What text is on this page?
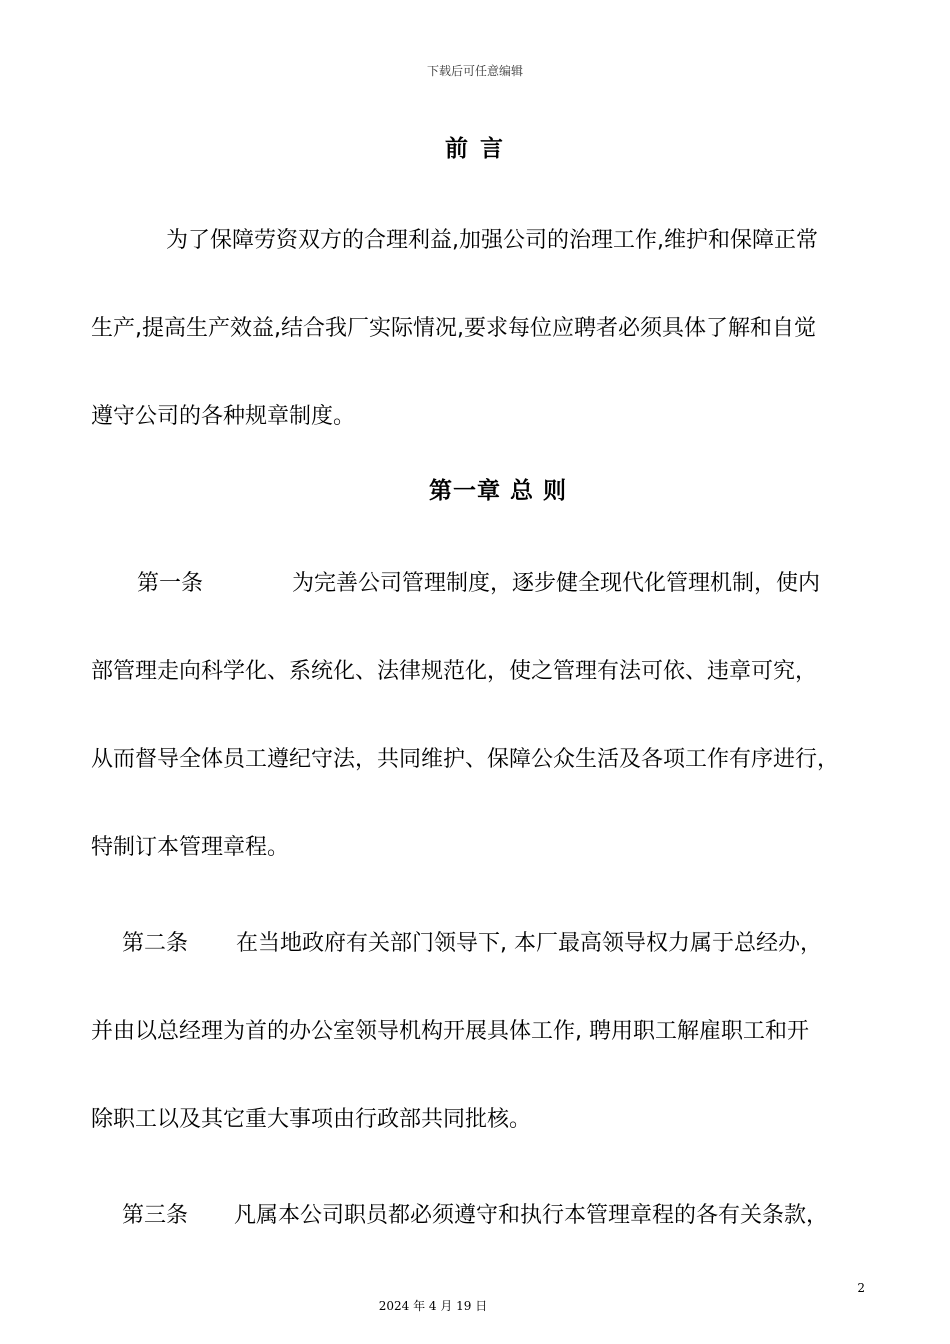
下载后可任意编辑
前 言
为了保障劳资双方的合理利益,加强公司的治理工作,维护和保障正常
生产,提高生产效益,结合我厂实际情况,要求每位应聘者必须具体了解和自觉
遵守公司的各种规章制度。
第一章 总 则
第一条	为完善公司管理制度，逐步健全现代化管理机制，使内
部管理走向科学化、系统化、法律规范化，使之管理有法可依、违章可究，
从而督导全体员工遵纪守法，共同维护、保障公众生活及各项工作有序进行，
特制订本管理章程。
第二条 在当地政府有关部门领导下, 本厂最高领导权力属于总经办，
并由以总经理为首的办公室领导机构开展具体工作, 聘用职工解雇职工和开
除职工以及其它重大事项由行政部共同批核。
第三条 凡属本公司职员都必须遵守和执行本管理章程的各有关条款，
2
2024 年 4 月 19 日
